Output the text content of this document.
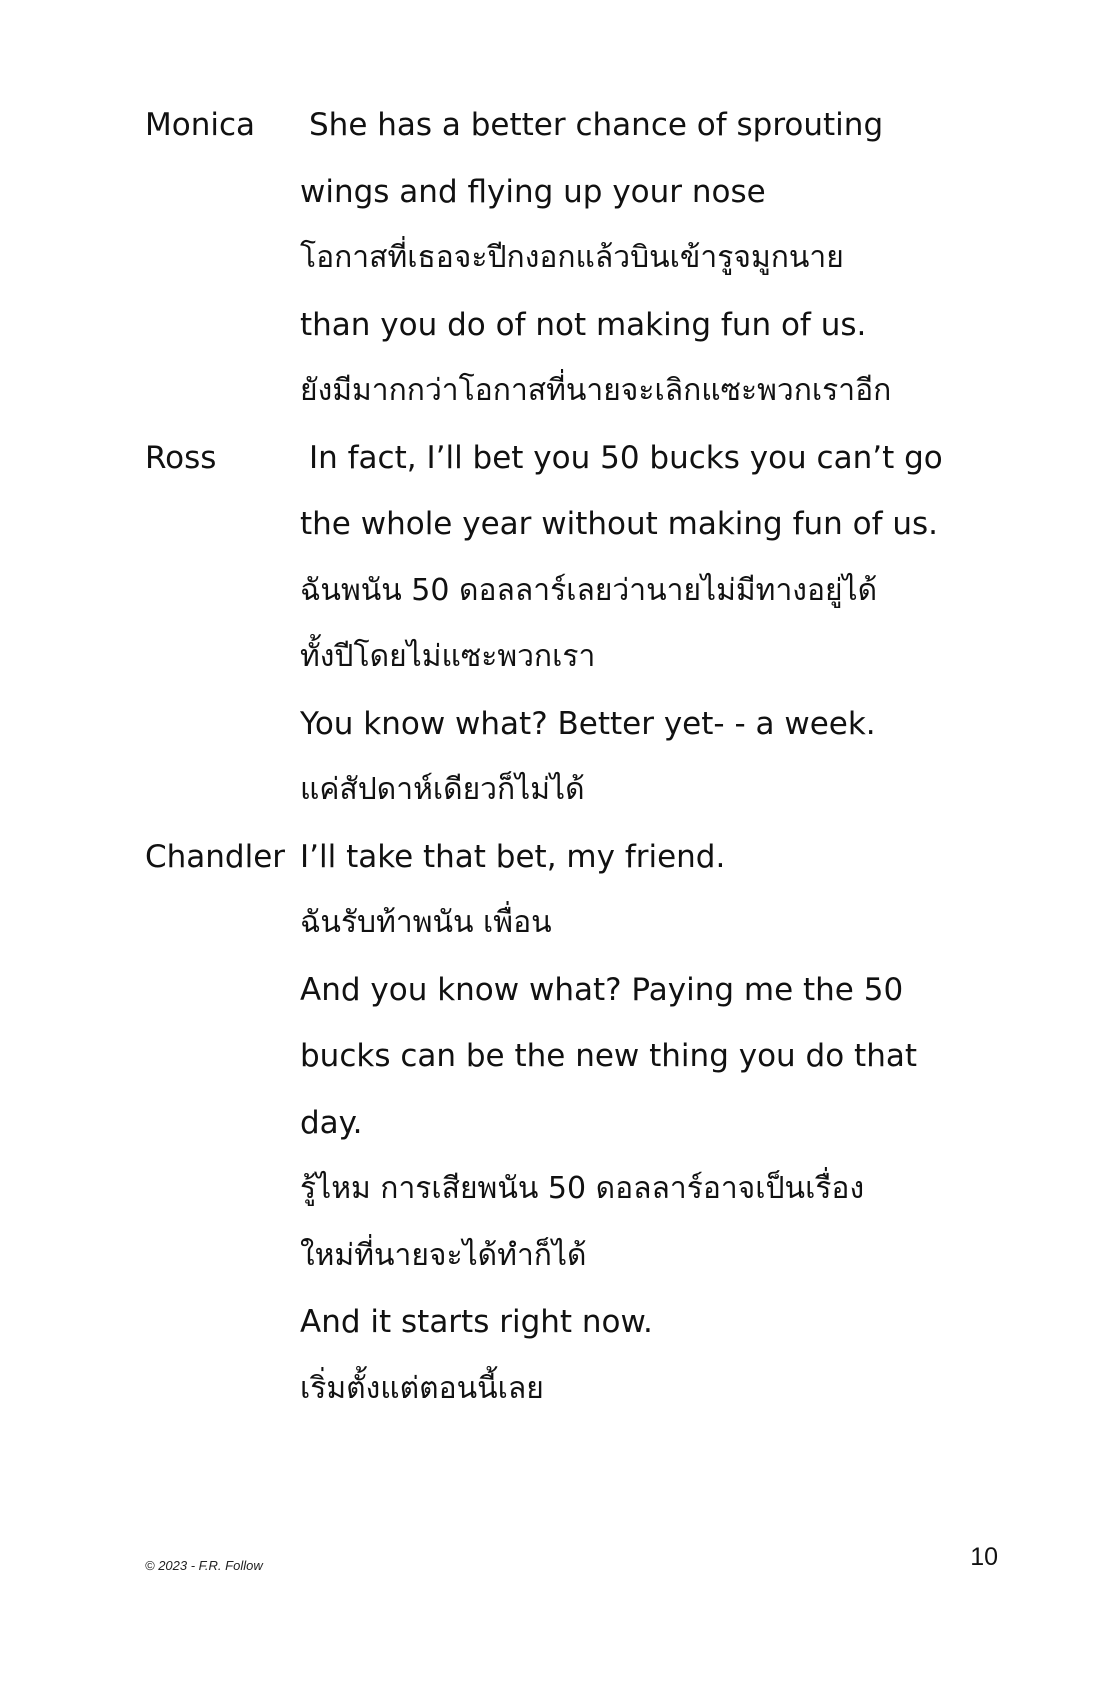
Monica	She has a better chance of sprouting
wings and flying up your nose
โอกาสที่เธอจะปีกงอกแล้วบินเข้ารูจมูกนาย
than you do of not making fun of us.
ยังมีมากกว่าโอกาสที่นายจะเลิกแซะพวกเราอีก
Ross	In fact, I’ll bet you 50 bucks you can’t go
the whole year without making fun of us.
ฉันพนัน 50 ดอลลาร์เลยว่านายไม่มีทางอยู่ได้
ทั้งปีโดยไม่แซะพวกเรา
You know what? Better yet- - a week.
แค่สัปดาห์เดียวก็ไม่ได้
Chandler I’ll take that bet, my friend.
ฉันรับท้าพนัน เพื่อน
And you know what? Paying me the 50
bucks can be the new thing you do that
day.
รู้ไหม การเสียพนัน 50 ดอลลาร์อาจเป็นเรื่อง
ใหม่ที่นายจะได้ทำก็ได้
And it starts right now.
เริ่มตั้งแต่ตอนนี้เลย
© 2023 - F.R. Follow	10
